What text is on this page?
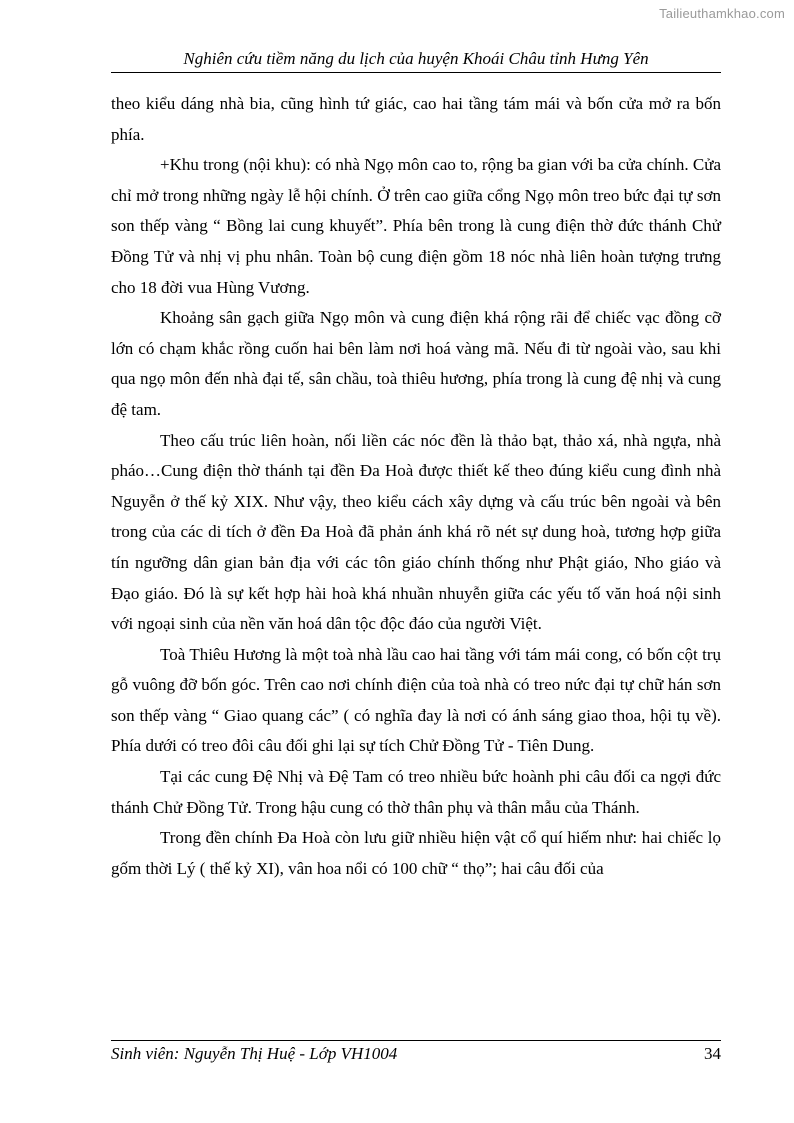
Tailieuthamkhao.com
Nghiên cứu tiềm năng du lịch của huyện Khoái Châu tỉnh Hưng Yên

theo kiểu dáng nhà bia, cũng hình tứ giác, cao hai tầng tám mái và bốn cửa mở ra bốn phía.

+Khu trong (nội khu): có nhà Ngọ môn cao to, rộng ba gian với ba cửa chính. Cửa chỉ mở trong những ngày lễ hội chính. Ở trên cao giữa cổng Ngọ môn treo bức đại tự sơn son thếp vàng “ Bồng lai cung khuyết”. Phía bên trong là cung điện thờ đức thánh Chử Đồng Tử và nhị vị phu nhân. Toàn bộ cung điện gồm 18 nóc nhà liên hoàn tượng trưng cho 18 đời vua Hùng Vương.

Khoảng sân gạch giữa Ngọ môn và cung điện khá rộng rãi để chiếc vạc đồng cỡ lớn có chạm khắc rồng cuốn hai bên làm nơi hoá vàng mã. Nếu đi từ ngoài vào, sau khi qua ngọ môn đến nhà đại tế, sân chầu, toà thiêu hương, phía trong là cung đệ nhị và cung đệ tam.

Theo cấu trúc liên hoàn, nối liền các nóc đền là thảo bạt, thảo xá, nhà ngựa, nhà pháo…Cung điện thờ thánh tại đền Đa Hoà được thiết kế theo đúng kiểu cung đình nhà Nguyễn ở thế kỷ XIX. Như vậy, theo kiểu cách xây dựng và cấu trúc bên ngoài và bên trong của các di tích ở đền Đa Hoà đã phản ánh khá rõ nét sự dung hoà, tương hợp giữa tín ngưỡng dân gian bản địa với các tôn giáo chính thống như Phật giáo, Nho giáo và Đạo giáo. Đó là sự kết hợp hài hoà khá nhuần nhuyễn giữa các yếu tố văn hoá nội sinh với ngoại sinh của nền văn hoá dân tộc độc đáo của người Việt.

Toà Thiêu Hương là một toà nhà lầu cao hai tầng với tám mái cong, có bốn cột trụ gỗ vuông đỡ bốn góc. Trên cao nơi chính điện của toà nhà có treo nức đại tự chữ hán sơn son thếp vàng “ Giao quang các” ( có nghĩa đay là nơi có ánh sáng giao thoa, hội tụ về). Phía dưới có treo đôi câu đối ghi lại sự tích Chử Đồng Tử - Tiên Dung.

Tại các cung Đệ Nhị và Đệ Tam có treo nhiều bức hoành phi câu đối ca ngợi đức thánh Chử Đồng Tử. Trong hậu cung có thờ thân phụ và thân mẫu của Thánh.

Trong đền chính Đa Hoà còn lưu giữ nhiều hiện vật cổ quí hiếm như: hai chiếc lọ gốm thời Lý ( thế kỷ XI), vân hoa nổi có 100 chữ “ thọ”; hai câu đối của

Sinh viên: Nguyễn Thị Huệ - Lớp VH1004	34
